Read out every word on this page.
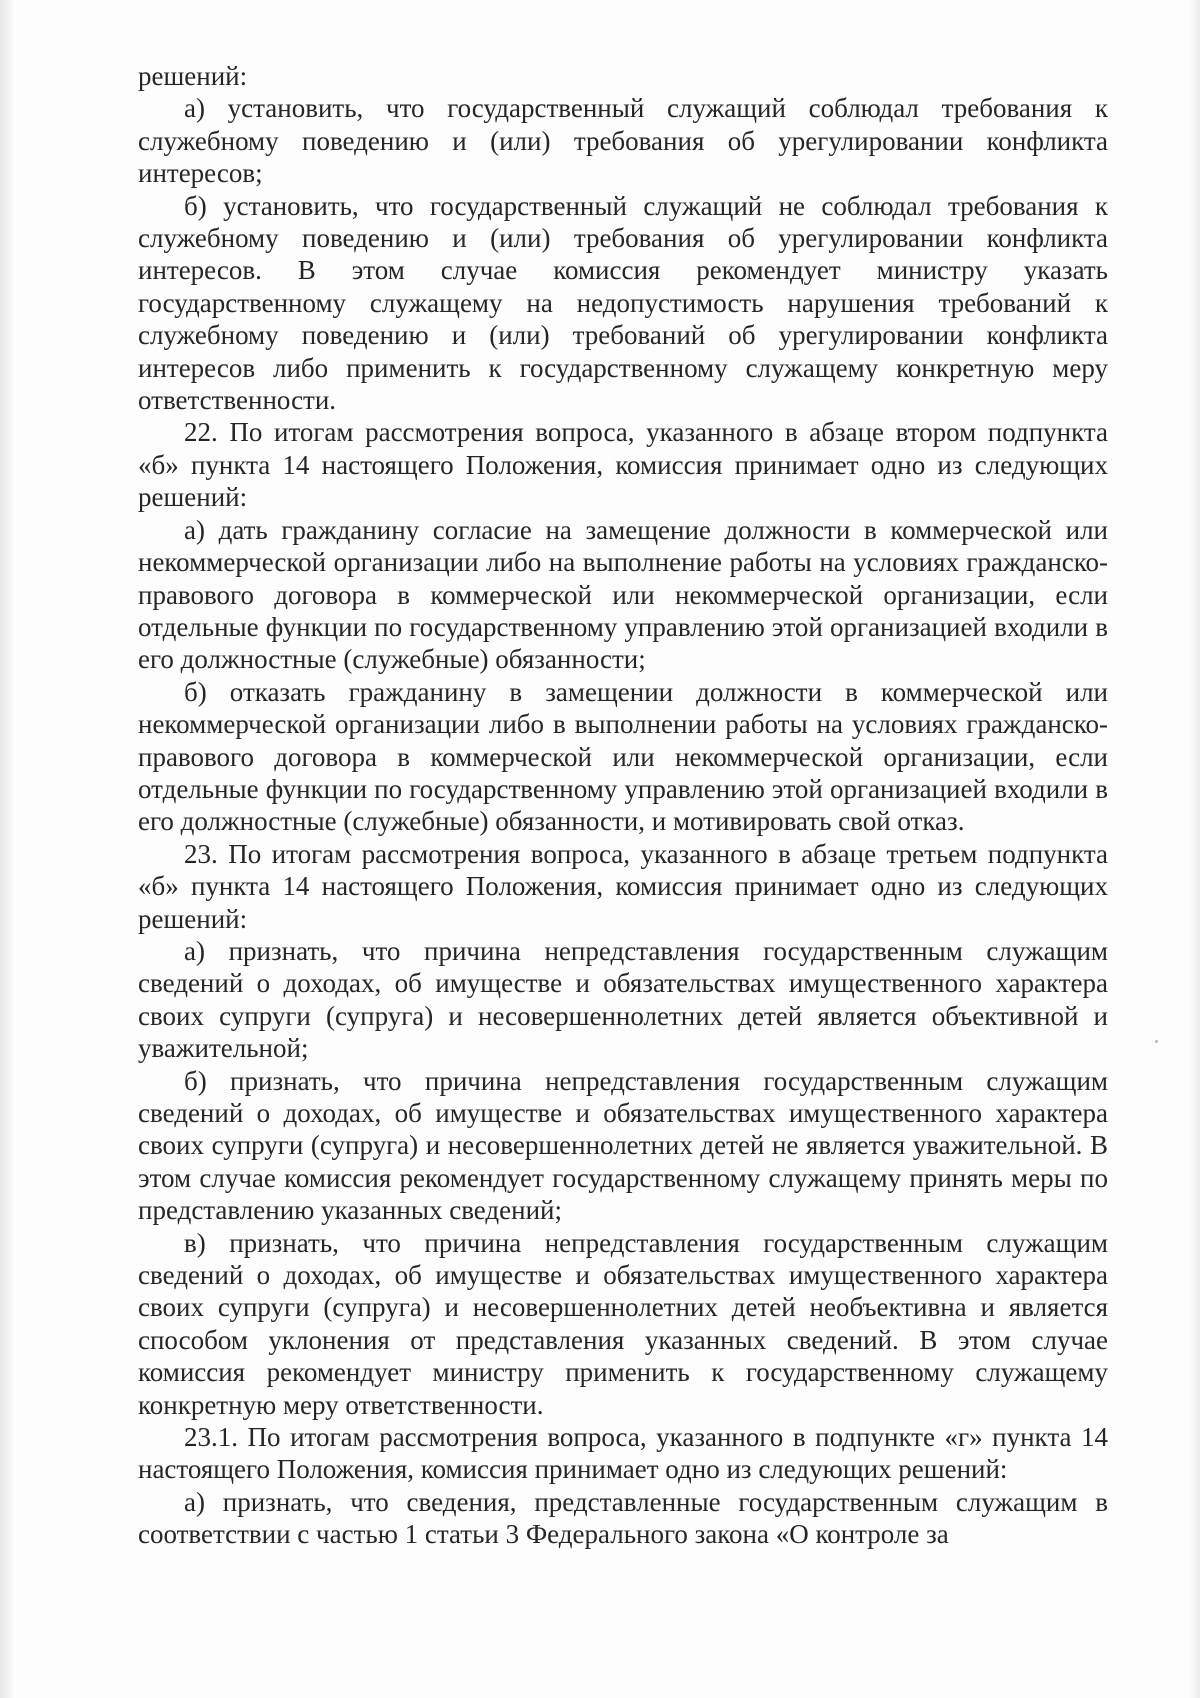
решений:

а) установить, что государственный служащий соблюдал требования к служебному поведению и (или) требования об урегулировании конфликта интересов;

б) установить, что государственный служащий не соблюдал требования к служебному поведению и (или) требования об урегулировании конфликта интересов. В этом случае комиссия рекомендует министру указать государственному служащему на недопустимость нарушения требований к служебному поведению и (или) требований об урегулировании конфликта интересов либо применить к государственному служащему конкретную меру ответственности.

22. По итогам рассмотрения вопроса, указанного в абзаце втором подпункта «б» пункта 14 настоящего Положения, комиссия принимает одно из следующих решений:

а) дать гражданину согласие на замещение должности в коммерческой или некоммерческой организации либо на выполнение работы на условиях гражданско-правового договора в коммерческой или некоммерческой организации, если отдельные функции по государственному управлению этой организацией входили в его должностные (служебные) обязанности;

б) отказать гражданину в замещении должности в коммерческой или некоммерческой организации либо в выполнении работы на условиях гражданско-правового договора в коммерческой или некоммерческой организации, если отдельные функции по государственному управлению этой организацией входили в его должностные (служебные) обязанности, и мотивировать свой отказ.

23. По итогам рассмотрения вопроса, указанного в абзаце третьем подпункта «б» пункта 14 настоящего Положения, комиссия принимает одно из следующих решений:

а) признать, что причина непредставления государственным служащим сведений о доходах, об имуществе и обязательствах имущественного характера своих супруги (супруга) и несовершеннолетних детей является объективной и уважительной;

б) признать, что причина непредставления государственным служащим сведений о доходах, об имуществе и обязательствах имущественного характера своих супруги (супруга) и несовершеннолетних детей не является уважительной. В этом случае комиссия рекомендует государственному служащему принять меры по представлению указанных сведений;

в) признать, что причина непредставления государственным служащим сведений о доходах, об имуществе и обязательствах имущественного характера своих супруги (супруга) и несовершеннолетних детей необъективна и является способом уклонения от представления указанных сведений. В этом случае комиссия рекомендует министру применить к государственному служащему конкретную меру ответственности.

23.1. По итогам рассмотрения вопроса, указанного в подпункте «г» пункта 14 настоящего Положения, комиссия принимает одно из следующих решений:

а) признать, что сведения, представленные государственным служащим в соответствии с частью 1 статьи 3 Федерального закона «О контроле за
